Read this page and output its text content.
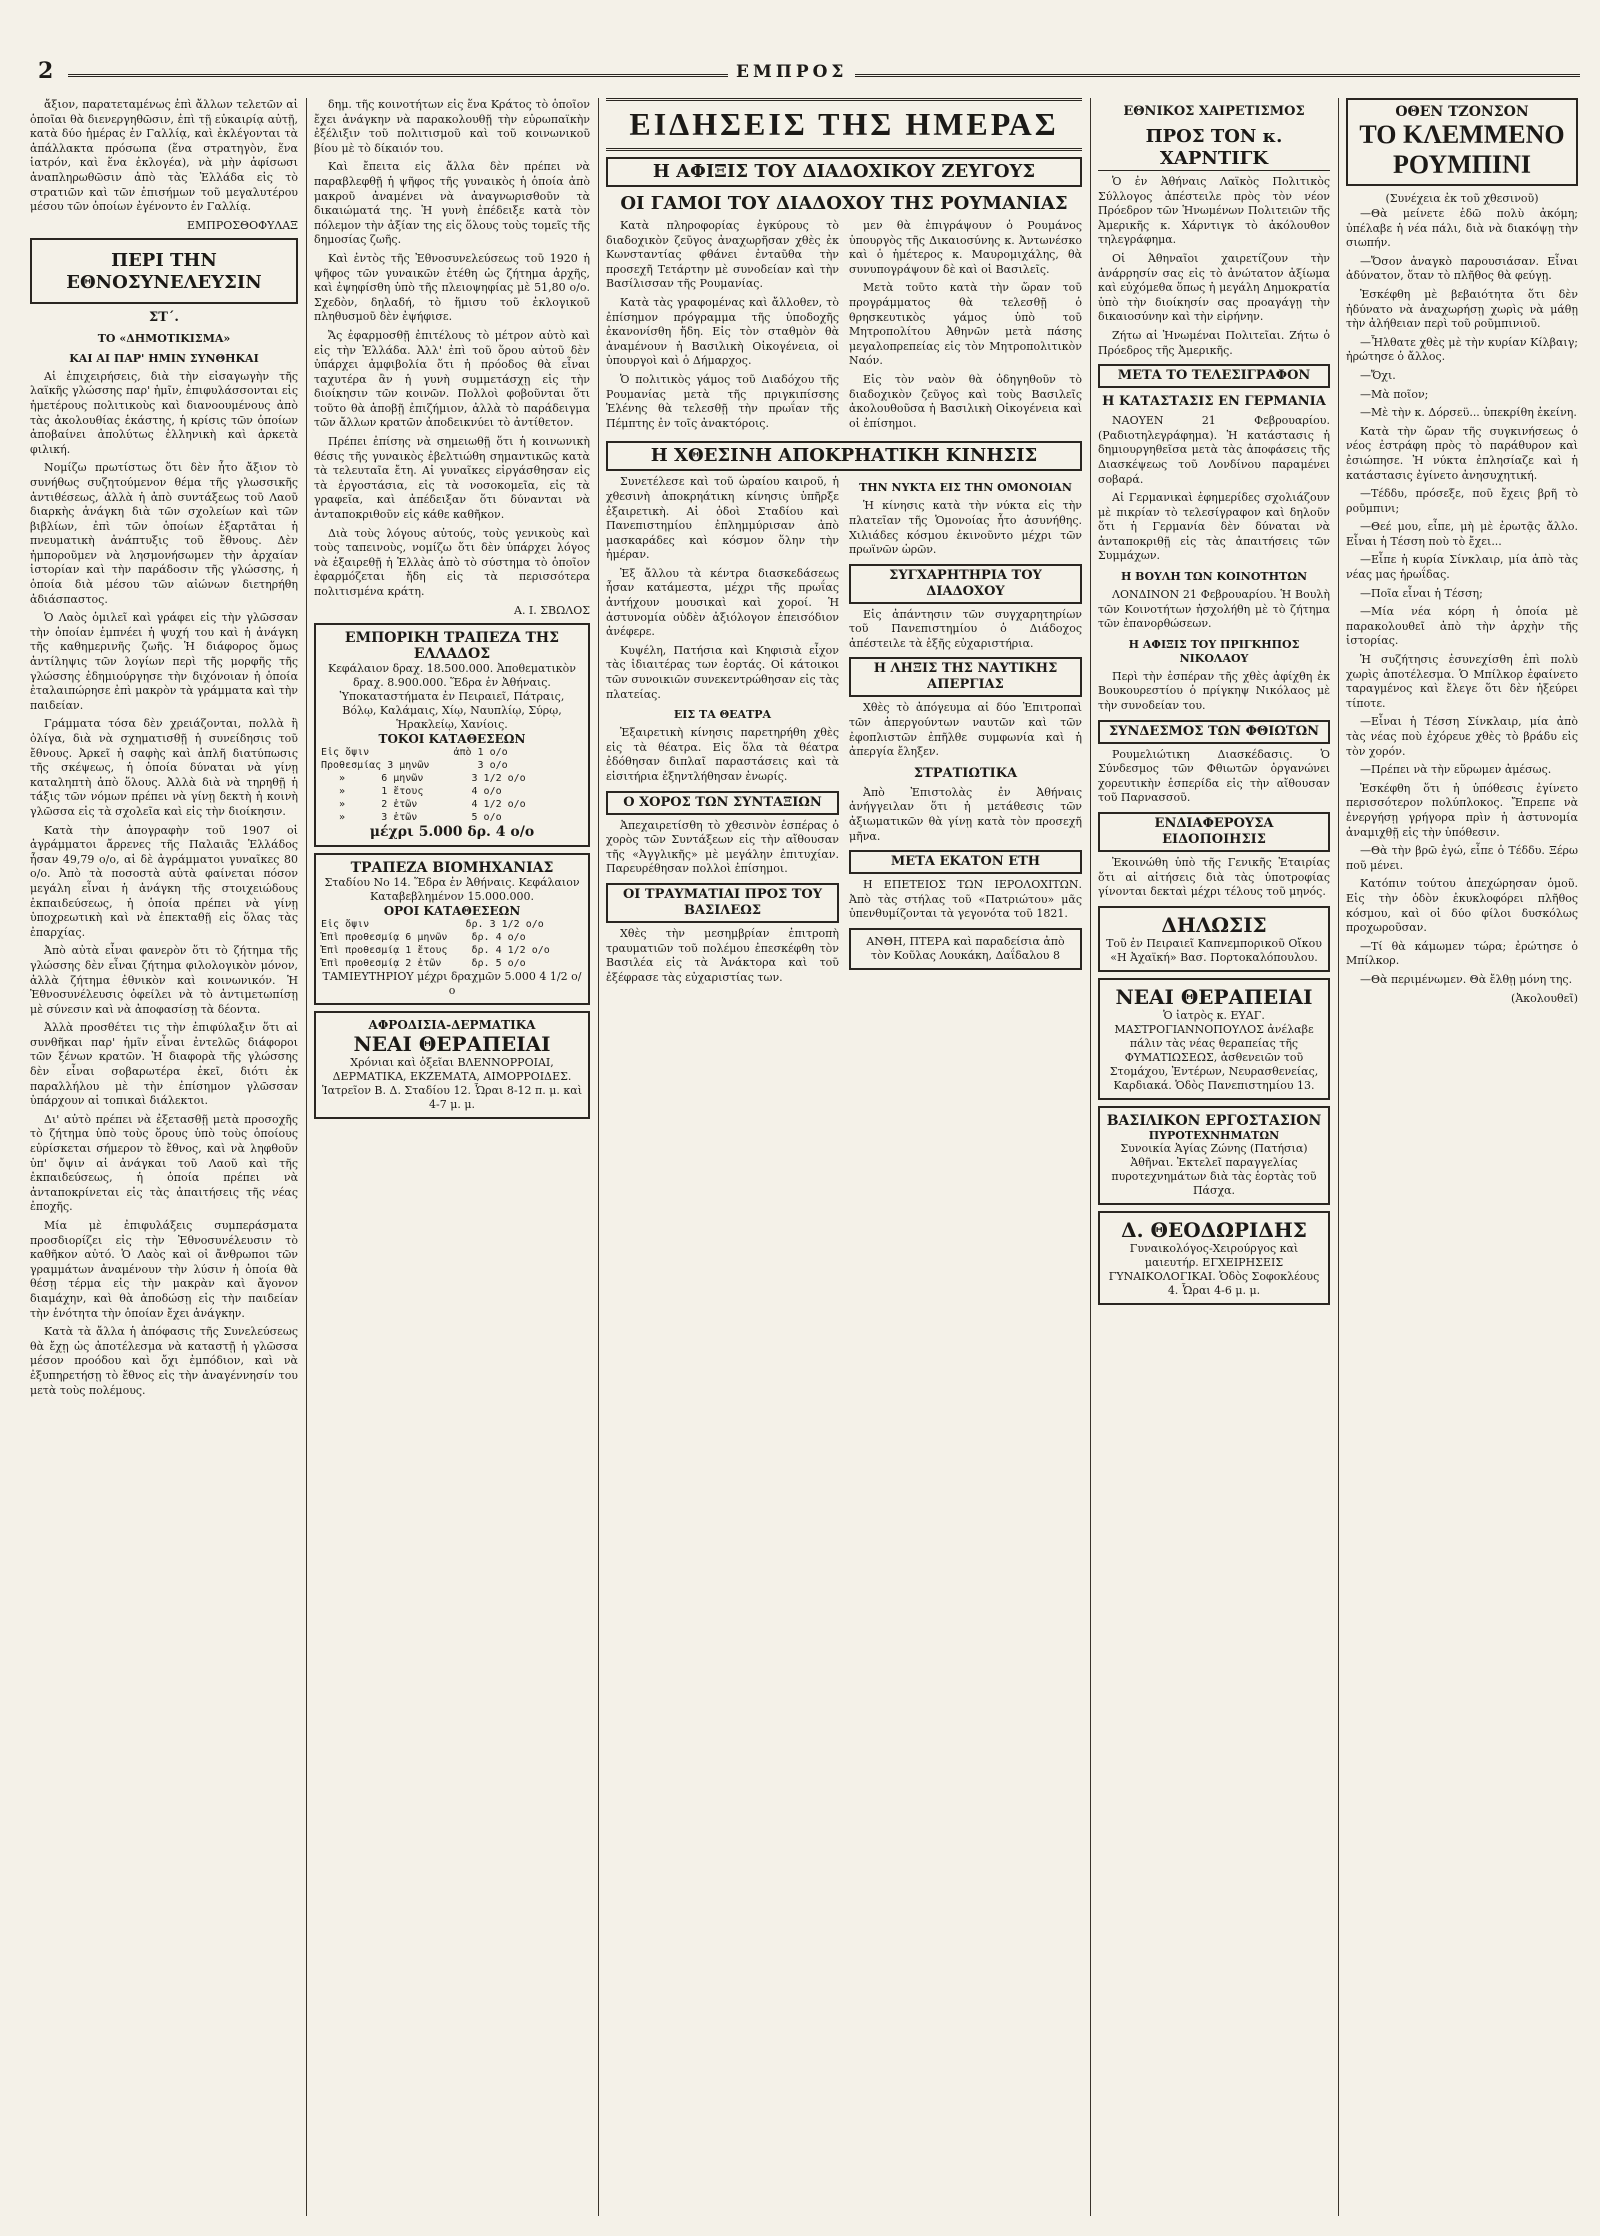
2	ΕΜΠΡΟΣ

ἄξιον, παρατεταμένως ἐπὶ ἄλλων τελετῶν αἱ ὁποῖαι θὰ διενεργηθῶσιν, ἐπὶ τῇ εὐκαιρίᾳ αὐτῇ, κατὰ δύο ἡμέρας ἐν Γαλλίᾳ, καὶ ἐκλέγονται τὰ ἀπάλλακτα πρόσωπα (ἕνα στρατηγὸν, ἕνα ἱατρόν, καὶ ἕνα ἐκλογέα), νὰ μὴν ἀφίσωσι ἀναπληρωθῶσιν ἀπὸ τὰς Ἑλλάδα εἰς τὸ στρατιῶν καὶ τῶν ἐπισήμων τοῦ μεγαλυτέρου μέσου τῶν ὁποίων ἐγένοντο ἐν Γαλλίᾳ.

ΕΜΠΡΟΣΘΟΦΥΛΑΞ
ΠΕΡΙ ΤΗΝ ΕΘΝΟΣΥΝΕΛΕΥΣΙΝ
ΣΤ΄.
ΤΟ «ΔΗΜΟΤΙΚΙΣΜΑ»
ΚΑΙ ΑΙ ΠΑΡ' ΗΜΙΝ ΣΥΝΘΗΚΑΙ

Αἱ ἐπιχειρήσεις, διὰ τὴν εἰσαγωγὴν τῆς λαϊκῆς γλώσσης παρ' ἡμῖν, ἐπιφυλάσσονται εἰς ἡμετέρους πολιτικοὺς καὶ διανοουμένους ἀπὸ τὰς ἀκολουθίας ἑκάστης, ἡ κρίσις τῶν ὁποίων ἀποβαίνει ἀπολύτως ἑλληνικὴ καὶ ἀρκετὰ φιλική.

Νομίζω πρωτίστως ὅτι δὲν ἦτο ἄξιον τὸ συνήθως συζητούμενον θέμα τῆς γλωσσικῆς ἀντιθέσεως, ἀλλὰ ἡ ἀπὸ συντάξεως τοῦ Λαοῦ διαρκὴς ἀνάγκη διὰ τῶν σχολείων καὶ τῶν βιβλίων, ἐπὶ τῶν ὁποίων ἐξαρτᾶται ἡ πνευματικὴ ἀνάπτυξις τοῦ ἔθνους. Δὲν ἠμποροῦμεν νὰ λησμονήσωμεν τὴν ἀρχαίαν ἱστορίαν καὶ τὴν παράδοσιν τῆς γλώσσης, ἡ ὁποία διὰ μέσου τῶν αἰώνων διετηρήθη ἀδιάσπαστος.

Ὁ Λαὸς ὁμιλεῖ καὶ γράφει εἰς τὴν γλῶσσαν τὴν ὁποίαν ἐμπνέει ἡ ψυχή του καὶ ἡ ἀνάγκη τῆς καθημερινῆς ζωῆς. Ἡ διάφορος ὅμως ἀντίληψις τῶν λογίων περὶ τῆς μορφῆς τῆς γλώσσης ἐδημιούργησε τὴν διχόνοιαν ἡ ὁποία ἐταλαιπώρησε ἐπὶ μακρὸν τὰ γράμματα καὶ τὴν παιδείαν.

Γράμματα τόσα δὲν χρειάζονται, πολλὰ ἢ ὀλίγα, διὰ νὰ σχηματισθῇ ἡ συνείδησις τοῦ ἔθνους. Ἀρκεῖ ἡ σαφὴς καὶ ἁπλῆ διατύπωσις τῆς σκέψεως, ἡ ὁποία δύναται νὰ γίνῃ καταληπτὴ ἀπὸ ὅλους. Ἀλλὰ διὰ νὰ τηρηθῇ ἡ τάξις τῶν νόμων πρέπει νὰ γίνῃ δεκτὴ ἡ κοινὴ γλῶσσα εἰς τὰ σχολεῖα καὶ εἰς τὴν διοίκησιν.

Κατὰ τὴν ἀπογραφὴν τοῦ 1907 οἱ ἀγράμματοι ἄρρενες τῆς Παλαιᾶς Ἑλλάδος ἦσαν 49,79 ο/ο, αἱ δὲ ἀγράμματοι γυναῖκες 80 ο/ο. Ἀπὸ τὰ ποσοστὰ αὐτὰ φαίνεται πόσον μεγάλη εἶναι ἡ ἀνάγκη τῆς στοιχειώδους ἐκπαιδεύσεως, ἡ ὁποία πρέπει νὰ γίνῃ ὑποχρεωτικὴ καὶ νὰ ἐπεκταθῇ εἰς ὅλας τὰς ἐπαρχίας.

Ἀπὸ αὐτὰ εἶναι φανερὸν ὅτι τὸ ζήτημα τῆς γλώσσης δὲν εἶναι ζήτημα φιλολογικὸν μόνον, ἀλλὰ ζήτημα ἐθνικὸν καὶ κοινωνικόν. Ἡ Ἐθνοσυνέλευσις ὀφείλει νὰ τὸ ἀντιμετωπίσῃ μὲ σύνεσιν καὶ νὰ ἀποφασίσῃ τὰ δέοντα.

Ἀλλὰ προσθέτει τις τὴν ἐπιφύλαξιν ὅτι αἱ συνθῆκαι παρ' ἡμῖν εἶναι ἐντελῶς διάφοροι τῶν ξένων κρατῶν. Ἡ διαφορὰ τῆς γλώσσης δὲν εἶναι σοβαρωτέρα ἐκεῖ, διότι ἐκ παραλλήλου μὲ τὴν ἐπίσημον γλῶσσαν ὑπάρχουν αἱ τοπικαὶ διάλεκτοι.

Δι' αὐτὸ πρέπει νὰ ἐξετασθῇ μετὰ προσοχῆς τὸ ζήτημα ὑπὸ τοὺς ὅρους ὑπὸ τοὺς ὁποίους εὑρίσκεται σήμερον τὸ ἔθνος, καὶ νὰ ληφθοῦν ὑπ' ὄψιν αἱ ἀνάγκαι τοῦ Λαοῦ καὶ τῆς ἐκπαιδεύσεως, ἡ ὁποία πρέπει νὰ ἀνταποκρίνεται εἰς τὰς ἀπαιτήσεις τῆς νέας ἐποχῆς.

Μία μὲ ἐπιφυλάξεις συμπεράσματα προσδιορίζει εἰς τὴν Ἐθνοσυνέλευσιν τὸ καθῆκον αὐτό. Ὁ Λαὸς καὶ οἱ ἄνθρωποι τῶν γραμμάτων ἀναμένουν τὴν λύσιν ἡ ὁποία θὰ θέσῃ τέρμα εἰς τὴν μακρὰν καὶ ἄγονον διαμάχην, καὶ θὰ ἀποδώσῃ εἰς τὴν παιδείαν τὴν ἑνότητα τὴν ὁποίαν ἔχει ἀνάγκην.

Κατὰ τὰ ἄλλα ἡ ἀπόφασις τῆς Συνελεύσεως θὰ ἔχῃ ὡς ἀποτέλεσμα νὰ καταστῇ ἡ γλῶσσα μέσον προόδου καὶ ὄχι ἐμπόδιον, καὶ νὰ ἐξυπηρετήσῃ τὸ ἔθνος εἰς τὴν ἀναγέννησίν του μετὰ τοὺς πολέμους.

δημ. τῆς κοινοτήτων εἰς ἕνα Κράτος τὸ ὁποῖον ἔχει ἀνάγκην νὰ παρακολουθῇ τὴν εὐρωπαϊκὴν ἐξέλιξιν τοῦ πολιτισμοῦ καὶ τοῦ κοινωνικοῦ βίου μὲ τὸ δίκαιόν του.

Καὶ ἔπειτα εἰς ἄλλα δὲν πρέπει νὰ παραβλεφθῇ ἡ ψῆφος τῆς γυναικὸς ἡ ὁποία ἀπὸ μακροῦ ἀναμένει νὰ ἀναγνωρισθοῦν τὰ δικαιώματά της. Ἡ γυνὴ ἐπέδειξε κατὰ τὸν πόλεμον τὴν ἀξίαν της εἰς ὅλους τοὺς τομεῖς τῆς δημοσίας ζωῆς.

Καὶ ἐντὸς τῆς Ἐθνοσυνελεύσεως τοῦ 1920 ἡ ψῆφος τῶν γυναικῶν ἐτέθη ὡς ζήτημα ἀρχῆς, καὶ ἐψηφίσθη ὑπὸ τῆς πλειοψηφίας μὲ 51,80 ο/ο. Σχεδὸν, δηλαδή, τὸ ἥμισυ τοῦ ἐκλογικοῦ πληθυσμοῦ δὲν ἐψήφισε.

Ἄς ἐφαρμοσθῇ ἐπιτέλους τὸ μέτρον αὐτὸ καὶ εἰς τὴν Ἑλλάδα. Ἀλλ' ἐπὶ τοῦ ὅρου αὐτοῦ δὲν ὑπάρχει ἀμφιβολία ὅτι ἡ πρόοδος θὰ εἶναι ταχυτέρα ἂν ἡ γυνὴ συμμετάσχῃ εἰς τὴν διοίκησιν τῶν κοινῶν. Πολλοὶ φοβοῦνται ὅτι τοῦτο θὰ ἀποβῇ ἐπιζήμιον, ἀλλὰ τὸ παράδειγμα τῶν ἄλλων κρατῶν ἀποδεικνύει τὸ ἀντίθετον.

Πρέπει ἐπίσης νὰ σημειωθῇ ὅτι ἡ κοινωνικὴ θέσις τῆς γυναικὸς ἐβελτιώθη σημαντικῶς κατὰ τὰ τελευταῖα ἔτη. Αἱ γυναῖκες εἰργάσθησαν εἰς τὰ ἐργοστάσια, εἰς τὰ νοσοκομεῖα, εἰς τὰ γραφεῖα, καὶ ἀπέδειξαν ὅτι δύνανται νὰ ἀνταποκριθοῦν εἰς κάθε καθῆκον.

Διὰ τοὺς λόγους αὐτούς, τοὺς γενικοὺς καὶ τοὺς ταπεινοὺς, νομίζω ὅτι δὲν ὑπάρχει λόγος νὰ ἐξαιρεθῇ ἡ Ἑλλὰς ἀπὸ τὸ σύστημα τὸ ὁποῖον ἐφαρμόζεται ἤδη εἰς τὰ περισσότερα πολιτισμένα κράτη.

Α. Ι. ΣΒΩΛΟΣ
ΕΜΠΟΡΙΚΗ ΤΡΑΠΕΖΑ ΤΗΣ ΕΛΛΑΔΟΣ
Κεφάλαιον δραχ. 18.500.000. Ἀποθεματικὸν δραχ. 8.900.000. Ἕδρα ἐν Ἀθήναις. Ὑποκαταστήματα ἐν Πειραιεῖ, Πάτραις, Βόλῳ, Καλάμαις, Χίῳ, Ναυπλίῳ, Σύρῳ, Ἡρακλείῳ, Χανίοις.
ΤΟΚΟΙ ΚΑΤΑΘΕΣΕΩΝ
Εἰς ὄψιν              ἀπὸ 1 ο/ο
Προθεσμίας 3 μηνῶν        3 ο/ο
»      6 μηνῶν        3 1/2 ο/ο
»      1 ἔτους        4 ο/ο
»      2 ἐτῶν         4 1/2 ο/ο
»      3 ἐτῶν         5 ο/ο
μέχρι 5.000 δρ. 4 ο/ο
ΤΡΑΠΕΖΑ ΒΙΟΜΗΧΑΝΙΑΣ
Σταδίου Νο 14. Ἕδρα ἐν Ἀθήναις. Κεφάλαιον Καταβεβλημένον 15.000.000.
ΟΡΟΙ ΚΑΤΑΘΕΣΕΩΝ
Εἰς ὄψιν                δρ. 3 1/2 ο/ο
Ἐπὶ προθεσμίᾳ 6 μηνῶν    δρ. 4 ο/ο
Ἐπὶ προθεσμίᾳ 1 ἔτους    δρ. 4 1/2 ο/ο
Ἐπὶ προθεσμίᾳ 2 ἐτῶν     δρ. 5 ο/ο
ΤΑΜΙΕΥΤΗΡΙΟΥ μέχρι δραχμῶν 5.000 4 1/2 ο/ο
ΑΦΡΟΔΙΣΙΑ-ΔΕΡΜΑΤΙΚΑ
ΝΕΑΙ ΘΕΡΑΠΕΙΑΙ
Χρόνιαι καὶ ὀξεῖαι ΒΛΕΝΝΟΡΡΟΙΑΙ, ΔΕΡΜΑΤΙΚΑ, ΕΚΖΕΜΑΤΑ, ΑΙΜΟΡΡΟΙΔΕΣ. Ἱατρεῖον Β. Δ. Σταδίου 12. Ὧραι 8-12 π. μ. καὶ 4-7 μ. μ.
ΕΙΔΗΣΕΙΣ ΤΗΣ ΗΜΕΡΑΣ
Η ΑΦΙΞΙΣ ΤΟΥ ΔΙΑΔΟΧΙΚΟΥ ΖΕΥΓΟΥΣ
ΟΙ ΓΑΜΟΙ ΤΟΥ ΔΙΑΔΟΧΟΥ ΤΗΣ ΡΟΥΜΑΝΙΑΣ

Κατὰ πληροφορίας ἐγκύρους τὸ διαδοχικὸν ζεῦγος ἀναχωρῆσαν χθὲς ἐκ Κωνσταντίας φθάνει ἐνταῦθα τὴν προσεχῆ Τετάρτην μὲ συνοδείαν καὶ τὴν Βασίλισσαν τῆς Ρουμανίας.

Κατὰ τὰς γραφομένας καὶ ἄλλοθεν, τὸ ἐπίσημον πρόγραμμα τῆς ὑποδοχῆς ἐκανονίσθη ἤδη. Εἰς τὸν σταθμὸν θὰ ἀναμένουν ἡ Βασιλικὴ Οἰκογένεια, οἱ ὑπουργοὶ καὶ ὁ Δήμαρχος.

Ὁ πολιτικὸς γάμος τοῦ Διαδόχου τῆς Ρουμανίας μετὰ τῆς πριγκιπίσσης Ἑλένης θὰ τελεσθῇ τὴν πρωΐαν τῆς Πέμπτης ἐν τοῖς ἀνακτόροις.

μεν θὰ ἐπιγράψουν ὁ Ρουμάνος ὑπουργὸς τῆς Δικαιοσύνης κ. Ἀντωνέσκο καὶ ὁ ἡμέτερος κ. Μαυρομιχάλης, θὰ συνυπογράψουν δὲ καὶ οἱ Βασιλεῖς.

Μετὰ τοῦτο κατὰ τὴν ὥραν τοῦ προγράμματος θὰ τελεσθῇ ὁ θρησκευτικὸς γάμος ὑπὸ τοῦ Μητροπολίτου Ἀθηνῶν μετὰ πάσης μεγαλοπρεπείας εἰς τὸν Μητροπολιτικὸν Ναόν.

Εἰς τὸν ναὸν θὰ ὁδηγηθοῦν τὸ διαδοχικὸν ζεῦγος καὶ τοὺς Βασιλεῖς ἀκολουθοῦσα ἡ Βασιλικὴ Οἰκογένεια καὶ οἱ ἐπίσημοι.

Η ΧΘΕΣΙΝΗ ΑΠΟΚΡΗΑΤΙΚΗ ΚΙΝΗΣΙΣ

Συνετέλεσε καὶ τοῦ ὡραίου καιροῦ, ἡ χθεσινὴ ἀποκρηάτικη κίνησις ὑπῆρξε ἐξαιρετικὴ. Αἱ ὁδοὶ Σταδίου καὶ Πανεπιστημίου ἐπλημμύρισαν ἀπὸ μασκαράδες καὶ κόσμον ὅλην τὴν ἡμέραν.

Ἐξ ἄλλου τὰ κέντρα διασκεδάσεως ἦσαν κατάμεστα, μέχρι τῆς πρωΐας ἀντήχουν μουσικαὶ καὶ χοροί. Ἡ ἀστυνομία οὐδὲν ἀξιόλογον ἐπεισόδιον ἀνέφερε.

Κυψέλη, Πατήσια καὶ Κηφισιὰ εἶχον τὰς ἰδιαιτέρας των ἑορτάς. Οἱ κάτοικοι τῶν συνοικιῶν συνεκεντρώθησαν εἰς τὰς πλατείας.

ΕΙΣ ΤΑ ΘΕΑΤΡΑ

Ἐξαιρετικὴ κίνησις παρετηρήθη χθὲς εἰς τὰ θέατρα. Εἰς ὅλα τὰ θέατρα ἐδόθησαν διπλαῖ παραστάσεις καὶ τὰ εἰσιτήρια ἐξηντλήθησαν ἐνωρίς.

Ο ΧΟΡΟΣ ΤΩΝ ΣΥΝΤΑΞΙΩΝ

Ἀπεχαιρετίσθη τὸ χθεσινὸν ἑσπέρας ὁ χορὸς τῶν Συντάξεων εἰς τὴν αἴθουσαν τῆς «Ἀγγλικῆς» μὲ μεγάλην ἐπιτυχίαν. Παρευρέθησαν πολλοὶ ἐπίσημοι.

ΟΙ ΤΡΑΥΜΑΤΙΑΙ ΠΡΟΣ ΤΟΥ ΒΑΣΙΛΕΩΣ

Χθὲς τὴν μεσημβρίαν ἐπιτροπὴ τραυματιῶν τοῦ πολέμου ἐπεσκέφθη τὸν Βασιλέα εἰς τὰ Ἀνάκτορα καὶ τοῦ ἐξέφρασε τὰς εὐχαριστίας των.

ΤΗΝ ΝΥΚΤΑ ΕΙΣ ΤΗΝ ΟΜΟΝΟΙΑΝ

Ἡ κίνησις κατὰ τὴν νύκτα εἰς τὴν πλατεῖαν τῆς Ὁμονοίας ἦτο ἀσυνήθης. Χιλιάδες κόσμου ἐκινοῦντο μέχρι τῶν πρωϊνῶν ὡρῶν.

ΣΥΓΧΑΡΗΤΗΡΙΑ ΤΟΥ ΔΙΑΔΟΧΟΥ

Εἰς ἀπάντησιν τῶν συγχαρητηρίων τοῦ Πανεπιστημίου ὁ Διάδοχος ἀπέστειλε τὰ ἑξῆς εὐχαριστήρια.

Η ΛΗΞΙΣ ΤΗΣ ΝΑΥΤΙΚΗΣ ΑΠΕΡΓΙΑΣ

Χθὲς τὸ ἀπόγευμα αἱ δύο Ἐπιτροπαὶ τῶν ἀπεργούντων ναυτῶν καὶ τῶν ἐφοπλιστῶν ἐπῆλθε συμφωνία καὶ ἡ ἀπεργία ἔληξεν.

ΣΤΡΑΤΙΩΤΙΚΑ

Ἀπὸ Ἐπιστολὰς ἐν Ἀθήναις ἀνήγγειλαν ὅτι ἡ μετάθεσις τῶν ἀξιωματικῶν θὰ γίνῃ κατὰ τὸν προσεχῆ μῆνα.

ΜΕΤΑ ΕΚΑΤΟΝ ΕΤΗ

Η ΕΠΕΤΕΙΟΣ ΤΩΝ ΙΕΡΟΛΟΧΙΤΩΝ. Ἀπὸ τὰς στήλας τοῦ «Πατριώτου» μᾶς ὑπενθυμίζονται τὰ γεγονότα τοῦ 1821.

ΑΝΘΗ, ΠΤΕΡΑ καὶ παραδείσια ἀπὸ τὸν Κοῦλας Λουκάκη, Δαΐδαλου 8
ΕΘΝΙΚΟΣ ΧΑΙΡΕΤΙΣΜΟΣ
ΠΡΟΣ ΤΟΝ κ. ΧΑΡΝΤΙΓΚ

Ὁ ἐν Ἀθήναις Λαϊκὸς Πολιτικὸς Σύλλογος ἀπέστειλε πρὸς τὸν νέον Πρόεδρον τῶν Ἡνωμένων Πολιτειῶν τῆς Ἀμερικῆς κ. Χάρντιγκ τὸ ἀκόλουθον τηλεγράφημα.

Οἱ Ἀθηναῖοι χαιρετίζουν τὴν ἀνάρρησίν σας εἰς τὸ ἀνώτατον ἀξίωμα καὶ εὐχόμεθα ὅπως ἡ μεγάλη Δημοκρατία ὑπὸ τὴν διοίκησίν σας προαγάγῃ τὴν δικαιοσύνην καὶ τὴν εἰρήνην.

Ζήτω αἱ Ἡνωμέναι Πολιτεῖαι. Ζήτω ὁ Πρόεδρος τῆς Ἀμερικῆς.

ΜΕΤΑ ΤΟ ΤΕΛΕΣΙΓΡΑΦΟΝ
Η ΚΑΤΑΣΤΑΣΙΣ ΕΝ ΓΕΡΜΑΝΙΑ

ΝΑΟΥΕΝ 21 Φεβρουαρίου. (Ραδιοτηλεγράφημα). Ἡ κατάστασις ἡ δημιουργηθεῖσα μετὰ τὰς ἀποφάσεις τῆς Διασκέψεως τοῦ Λονδίνου παραμένει σοβαρά.

Αἱ Γερμανικαὶ ἐφημερίδες σχολιάζουν μὲ πικρίαν τὸ τελεσίγραφον καὶ δηλοῦν ὅτι ἡ Γερμανία δὲν δύναται νὰ ἀνταποκριθῇ εἰς τὰς ἀπαιτήσεις τῶν Συμμάχων.

Η ΒΟΥΛΗ ΤΩΝ ΚΟΙΝΟΤΗΤΩΝ

ΛΟΝΔΙΝΟΝ 21 Φεβρουαρίου. Ἡ Βουλὴ τῶν Κοινοτήτων ἠσχολήθη μὲ τὸ ζήτημα τῶν ἐπανορθώσεων.

Η ΑΦΙΞΙΣ ΤΟΥ ΠΡΙΓΚΗΠΟΣ ΝΙΚΟΛΑΟΥ

Περὶ τὴν ἑσπέραν τῆς χθὲς ἀφίχθη ἐκ Βουκουρεστίου ὁ πρίγκηψ Νικόλαος μὲ τὴν συνοδείαν του.

ΣΥΝΔΕΣΜΟΣ ΤΩΝ ΦΘΙΩΤΩΝ

Ρουμελιώτικη Διασκέδασις. Ὁ Σύνδεσμος τῶν Φθιωτῶν ὀργανώνει χορευτικὴν ἑσπερίδα εἰς τὴν αἴθουσαν τοῦ Παρνασσοῦ.

ΕΝΔΙΑΦΕΡΟΥΣΑ ΕΙΔΟΠΟΙΗΣΙΣ

Ἐκοινώθη ὑπὸ τῆς Γενικῆς Ἑταιρίας ὅτι αἱ αἰτήσεις διὰ τὰς ὑποτροφίας γίνονται δεκταὶ μέχρι τέλους τοῦ μηνός.

ΔΗΛΩΣΙΣ
Τοῦ ἐν Πειραιεῖ Καπνεμπορικοῦ Οἴκου «Η Ἀχαϊκή» Βασ. Πορτοκαλόπουλου.
ΝΕΑΙ ΘΕΡΑΠΕΙΑΙ
Ὁ ἰατρὸς κ. ΕΥΑΓ. ΜΑΣΤΡΟΓΙΑΝΝΟΠΟΥΛΟΣ ἀνέλαβε πάλιν τὰς νέας θεραπείας τῆς ΦΥΜΑΤΙΩΣΕΩΣ, ἀσθενειῶν τοῦ Στομάχου, Ἐντέρων, Νευρασθενείας, Καρδιακά. Ὁδὸς Πανεπιστημίου 13.
ΒΑΣΙΛΙΚΟΝ ΕΡΓΟΣΤΑΣΙΟΝ
ΠΥΡΟΤΕΧΝΗΜΑΤΩΝ
Συνοικία Ἁγίας Ζώνης (Πατήσια) Ἀθῆναι. Ἐκτελεῖ παραγγελίας πυροτεχνημάτων διὰ τὰς ἑορτὰς τοῦ Πάσχα.
Δ. ΘΕΟΔΩΡΙΔΗΣ
Γυναικολόγος-Χειρούργος καὶ μαιευτήρ. ΕΓΧΕΙΡΗΣΕΙΣ ΓΥΝΑΙΚΟΛΟΓΙΚΑΙ. Ὁδὸς Σοφοκλέους 4. Ὧραι 4-6 μ. μ.
ΟΘΕΝ ΤΖΟΝΣΟΝ
ΤΟ ΚΛΕΜΜΕΝΟ ΡΟΥΜΠΙΝΙ
(Συνέχεια ἐκ τοῦ χθεσινοῦ)

—Θὰ μείνετε ἐδῶ πολὺ ἀκόμη; ὑπέλαβε ἡ νέα πάλι, διὰ νὰ διακόψῃ τὴν σιωπήν.

—Ὄσον ἀναγκὸ παρουσιάσαν. Εἶναι ἀδύνατον, ὅταν τὸ πλῆθος θὰ φεύγῃ.

Ἐσκέφθη μὲ βεβαιότητα ὅτι δὲν ἠδύνατο νὰ ἀναχωρήσῃ χωρὶς νὰ μάθῃ τὴν ἀλήθειαν περὶ τοῦ ροῦμπινιοῦ.

—Ἦλθατε χθὲς μὲ τὴν κυρίαν Κίλβαιγ; ἠρώτησε ὁ ἄλλος.

—Ὄχι.

—Μὰ ποῖον;

—Μὲ τὴν κ. Δόρσεϋ... ὑπεκρίθη ἐκείνη.

Κατὰ τὴν ὥραν τῆς συγκινήσεως ὁ νέος ἐστράφη πρὸς τὸ παράθυρον καὶ ἐσιώπησε. Ἡ νύκτα ἐπλησίαζε καὶ ἡ κατάστασις ἐγίνετο ἀνησυχητική.

—Τέδδυ, πρόσεξε, ποῦ ἔχεις βρῆ τὸ ροῦμπινι;

—Θεέ μου, εἶπε, μὴ μὲ ἐρωτᾷς ἄλλο. Εἶναι ἡ Τέσση ποὺ τὸ ἔχει...

—Εἶπε ἡ κυρία Σίνκλαιρ, μία ἀπὸ τὰς νέας μας ἡρωΐδας.

—Ποῖα εἶναι ἡ Τέσση;

—Μία νέα κόρη ἡ ὁποία μὲ παρακολουθεῖ ἀπὸ τὴν ἀρχὴν τῆς ἱστορίας.

Ἡ συζήτησις ἐσυνεχίσθη ἐπὶ πολὺ χωρὶς ἀποτέλεσμα. Ὁ Μπίλκορ ἐφαίνετο ταραγμένος καὶ ἔλεγε ὅτι δὲν ἠξεύρει τίποτε.

—Εἶναι ἡ Τέσση Σίνκλαιρ, μία ἀπὸ τὰς νέας ποὺ ἐχόρευε χθὲς τὸ βράδυ εἰς τὸν χορόν.

—Πρέπει νὰ τὴν εὕρωμεν ἀμέσως.

Ἐσκέφθη ὅτι ἡ ὑπόθεσις ἐγίνετο περισσότερον πολύπλοκος. Ἔπρεπε νὰ ἐνεργήσῃ γρήγορα πρὶν ἡ ἀστυνομία ἀναμιχθῇ εἰς τὴν ὑπόθεσιν.

—Θὰ τὴν βρῶ ἐγώ, εἶπε ὁ Τέδδυ. Ξέρω ποῦ μένει.

Κατόπιν τούτου ἀπεχώρησαν ὁμοῦ. Εἰς τὴν ὁδὸν ἐκυκλοφόρει πλῆθος κόσμου, καὶ οἱ δύο φίλοι δυσκόλως προχωροῦσαν.

—Τί θὰ κάμωμεν τώρα; ἐρώτησε ὁ Μπίλκορ.

—Θὰ περιμένωμεν. Θὰ ἔλθῃ μόνη της.

(Ἀκολουθεῖ)
